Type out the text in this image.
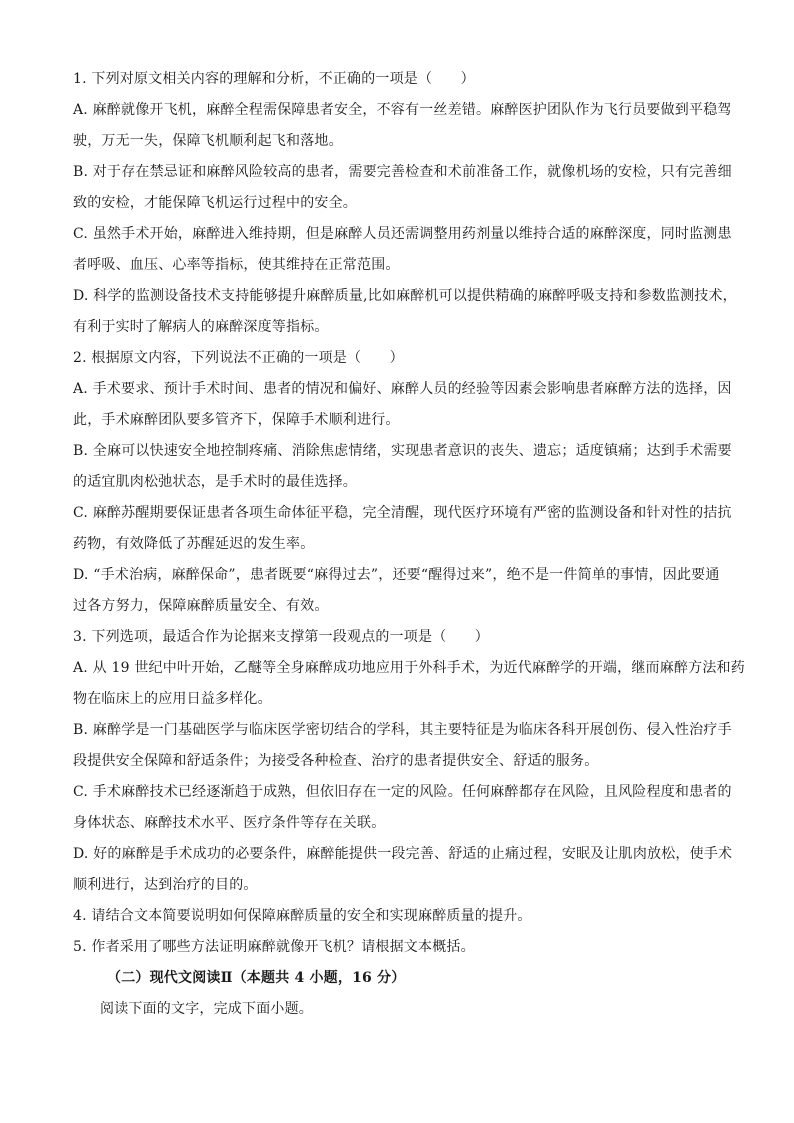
1. 下列对原文相关内容的理解和分析，不正确的一项是（　　）
A. 麻醉就像开飞机，麻醉全程需保障患者安全，不容有一丝差错。麻醉医护团队作为飞行员要做到平稳驾
驶，万无一失，保障飞机顺利起飞和落地。
B. 对于存在禁忌证和麻醉风险较高的患者，需要完善检查和术前准备工作，就像机场的安检，只有完善细
致的安检，才能保障飞机运行过程中的安全。
C. 虽然手术开始，麻醉进入维持期，但是麻醉人员还需调整用药剂量以维持合适的麻醉深度，同时监测患
者呼吸、血压、心率等指标，使其维持在正常范围。
D. 科学的监测设备技术支持能够提升麻醉质量,比如麻醉机可以提供精确的麻醉呼吸支持和参数监测技术，
有利于实时了解病人的麻醉深度等指标。
2. 根据原文内容，下列说法不正确的一项是（　　）
A. 手术要求、预计手术时间、患者的情况和偏好、麻醉人员的经验等因素会影响患者麻醉方法的选择，因
此，手术麻醉团队要多管齐下，保障手术顺利进行。
B. 全麻可以快速安全地控制疼痛、消除焦虑情绪，实现患者意识的丧失、遗忘；适度镇痛；达到手术需要
的适宜肌肉松弛状态，是手术时的最佳选择。
C. 麻醉苏醒期要保证患者各项生命体征平稳，完全清醒，现代医疗环境有严密的监测设备和针对性的拮抗
药物，有效降低了苏醒延迟的发生率。
D. “手术治病，麻醉保命”，患者既要“麻得过去”，还要“醒得过来”，绝不是一件简单的事情，因此要通
过各方努力，保障麻醉质量安全、有效。
3. 下列选项，最适合作为论据来支撑第一段观点的一项是（　　）
A. 从 19 世纪中叶开始，乙醚等全身麻醉成功地应用于外科手术，为近代麻醉学的开端，继而麻醉方法和药
物在临床上的应用日益多样化。
B. 麻醉学是一门基础医学与临床医学密切结合的学科，其主要特征是为临床各科开展创伤、侵入性治疗手
段提供安全保障和舒适条件；为接受各种检查、治疗的患者提供安全、舒适的服务。
C. 手术麻醉技术已经逐渐趋于成熟，但依旧存在一定的风险。任何麻醉都存在风险，且风险程度和患者的
身体状态、麻醉技术水平、医疗条件等存在关联。
D. 好的麻醉是手术成功的必要条件，麻醉能提供一段完善、舒适的止痛过程，安眠及让肌肉放松，使手术
顺利进行，达到治疗的目的。
4. 请结合文本简要说明如何保障麻醉质量的安全和实现麻醉质量的提升。
5. 作者采用了哪些方法证明麻醉就像开飞机？请根据文本概括。
（二）现代文阅读Ⅱ（本题共 4 小题，16 分）
阅读下面的文字，完成下面小题。
